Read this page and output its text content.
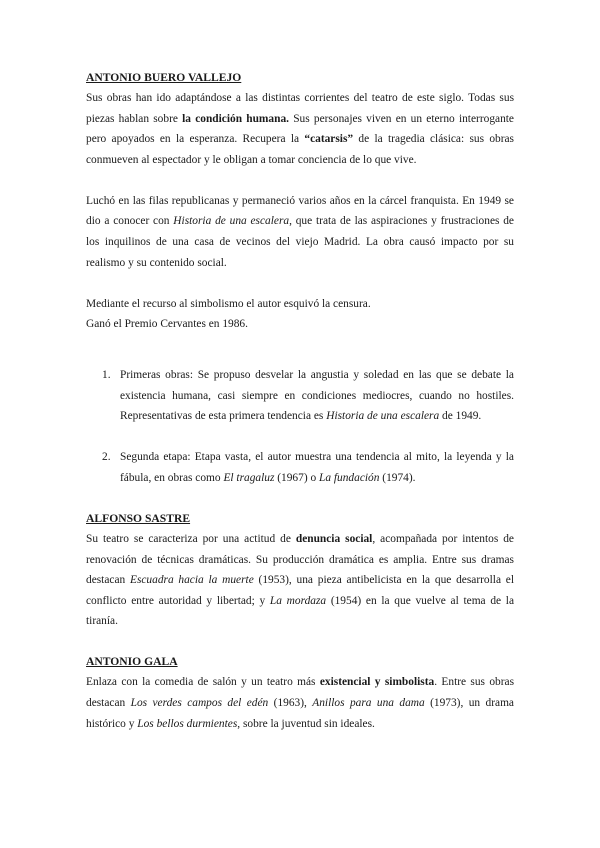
ANTONIO BUERO VALLEJO

Sus obras han ido adaptándose a las distintas corrientes del teatro de este siglo. Todas sus piezas hablan sobre la condición humana. Sus personajes viven en un eterno interrogante pero apoyados en la esperanza. Recupera la “catarsis” de la tragedia clásica: sus obras conmueven al espectador y le obligan a tomar conciencia de lo que vive.

Luchó en las filas republicanas y permaneció varios años en la cárcel franquista. En 1949 se dio a conocer con Historia de una escalera, que trata de las aspiraciones y frustraciones de los inquilinos de una casa de vecinos del viejo Madrid. La obra causó impacto por su realismo y su contenido social.

Mediante el recurso al simbolismo el autor esquivó la censura.

Ganó el Premio Cervantes en 1986.

1. Primeras obras: Se propuso desvelar la angustia y soledad en las que se debate la existencia humana, casi siempre en condiciones mediocres, cuando no hostiles. Representativas de esta primera tendencia es Historia de una escalera de 1949.
2. Segunda etapa: Etapa vasta, el autor muestra una tendencia al mito, la leyenda y la fábula, en obras como El tragaluz (1967) o La fundación (1974).
ALFONSO SASTRE

Su teatro se caracteriza por una actitud de denuncia social, acompañada por intentos de renovación de técnicas dramáticas. Su producción dramática es amplia. Entre sus dramas destacan Escuadra hacia la muerte (1953), una pieza antibelicista en la que desarrolla el conflicto entre autoridad y libertad; y La mordaza (1954) en la que vuelve al tema de la tiranía.

ANTONIO GALA

Enlaza con la comedia de salón y un teatro más existencial y simbolista. Entre sus obras destacan Los verdes campos del edén (1963), Anillos para una dama (1973), un drama histórico y Los bellos durmientes, sobre la juventud sin ideales.
